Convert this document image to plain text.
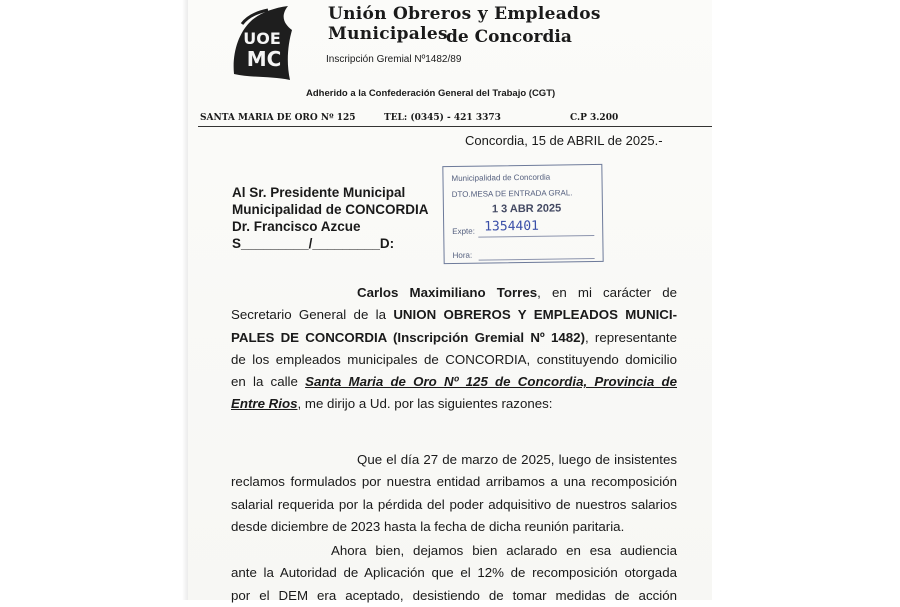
UOE
MC
Unión Obreros y Empleados Municipales
de Concordia
Inscripción Gremial Nº1482/89
Adherido a la Confederación General del Trabajo (CGT)
SANTA MARIA DE ORO Nº 125	TEL: (0345) - 421 3373	C.P 3.200
Concordia, 15 de ABRIL de 2025.-
Al Sr. Presidente Municipal
Municipalidad de CONCORDIA
Dr. Francisco Azcue
S_________/_________D:
Municipalidad de Concordia
DTO.MESA DE ENTRADA GRAL.
1 3 ABR 2025
Expte: 1354401
Hora:
Carlos Maximiliano Torres, en mi carácter de
Secretario General de la UNION OBREROS Y EMPLEADOS MUNICI-
PALES DE CONCORDIA (Inscripción Gremial Nº 1482), representante
de los empleados municipales de CONCORDIA, constituyendo domicilio
en la calle Santa Maria de Oro Nº 125 de Concordia, Provincia de
Entre Rios, me dirijo a Ud. por las siguientes razones:
Que el día 27 de marzo de 2025, luego de insistentes
reclamos formulados por nuestra entidad arribamos a una recomposición
salarial requerida por la pérdida del poder adquisitivo de nuestros salarios
desde diciembre de 2023 hasta la fecha de dicha reunión paritaria.
Ahora bien, dejamos bien aclarado en esa audiencia
ante la Autoridad de Aplicación que el 12% de recomposición otorgada
por el DEM era aceptado, desistiendo de tomar medidas de acción
